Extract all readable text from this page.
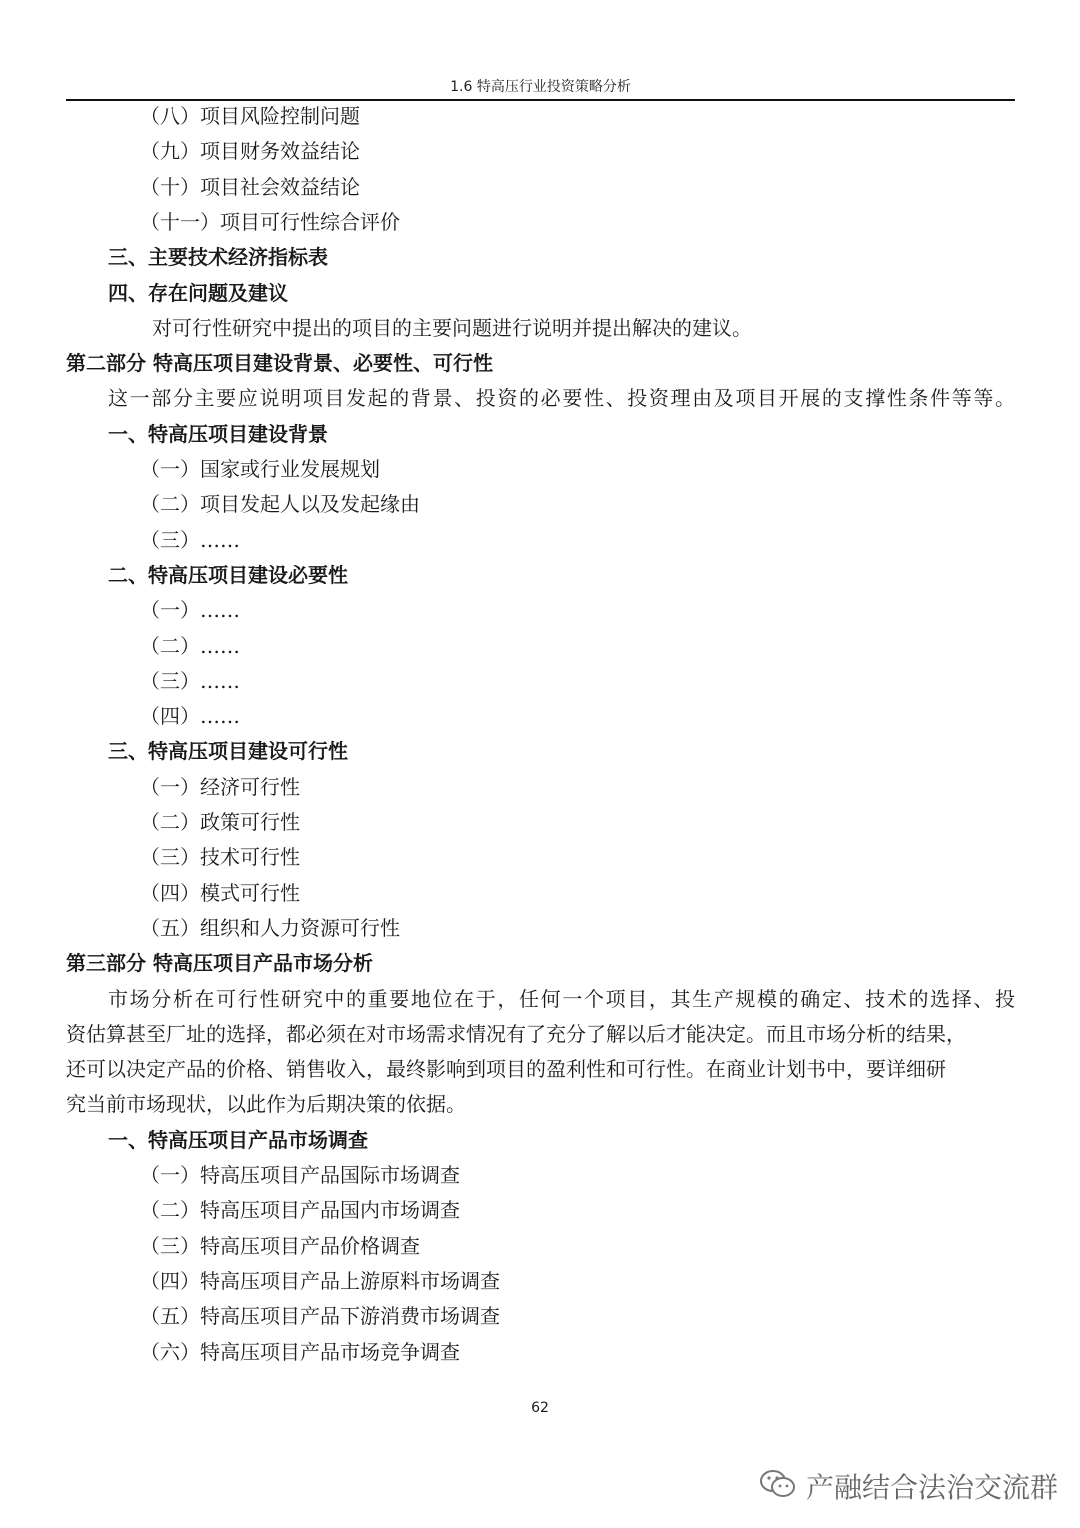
1.6 特高压行业投资策略分析
（八）项目风险控制问题
（九）项目财务效益结论
（十）项目社会效益结论
（十一）项目可行性综合评价
三、主要技术经济指标表
四、存在问题及建议
对可行性研究中提出的项目的主要问题进行说明并提出解决的建议。
第二部分 特高压项目建设背景、必要性、可行性
这一部分主要应说明项目发起的背景、投资的必要性、投资理由及项目开展的支撑性条件等等。
一、特高压项目建设背景
（一）国家或行业发展规划
（二）项目发起人以及发起缘由
（三）……
二、特高压项目建设必要性
（一）……
（二）……
（三）……
（四）……
三、特高压项目建设可行性
（一）经济可行性
（二）政策可行性
（三）技术可行性
（四）模式可行性
（五）组织和人力资源可行性
第三部分 特高压项目产品市场分析
市场分析在可行性研究中的重要地位在于，任何一个项目，其生产规模的确定、技术的选择、投
资估算甚至厂址的选择，都必须在对市场需求情况有了充分了解以后才能决定。而且市场分析的结果，
还可以决定产品的价格、销售收入，最终影响到项目的盈利性和可行性。在商业计划书中，要详细研
究当前市场现状，以此作为后期决策的依据。
一、特高压项目产品市场调查
（一）特高压项目产品国际市场调查
（二）特高压项目产品国内市场调查
（三）特高压项目产品价格调查
（四）特高压项目产品上游原料市场调查
（五）特高压项目产品下游消费市场调查
（六）特高压项目产品市场竞争调查
62
产融结合法治交流群
